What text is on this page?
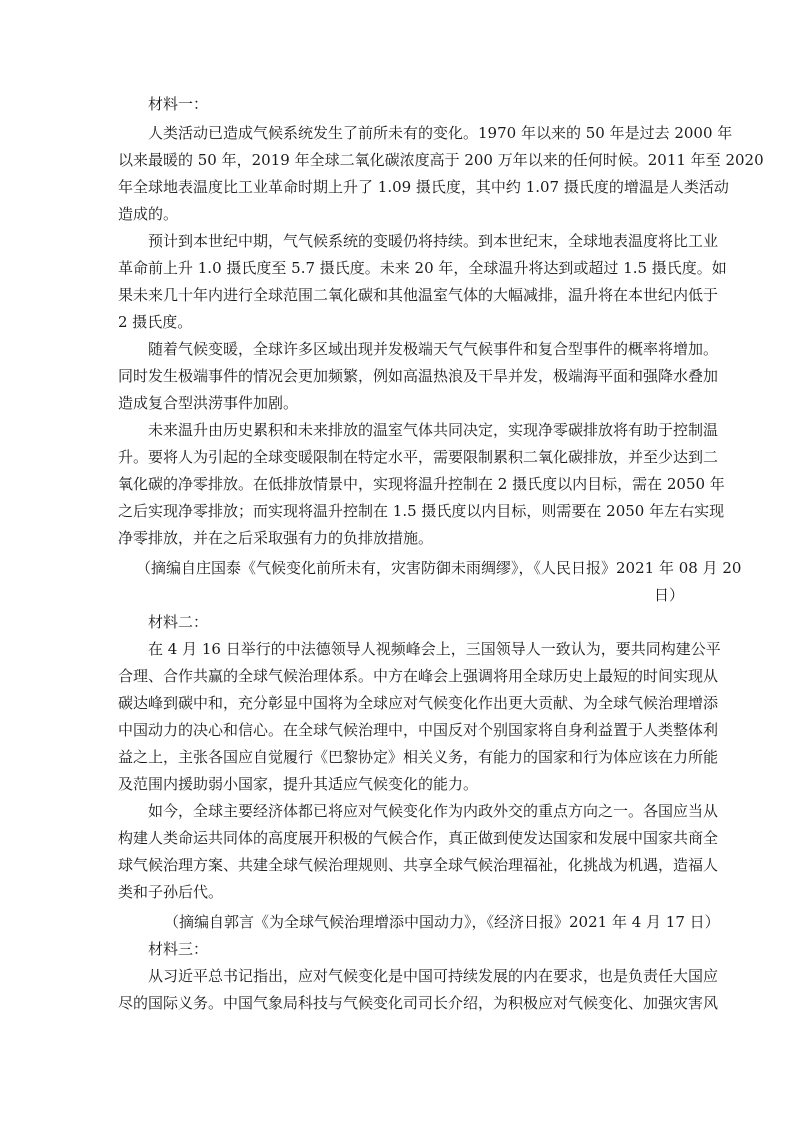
材料一：
人类活动已造成气候系统发生了前所未有的变化。1970 年以来的 50 年是过去 2000 年
以来最暖的 50 年，2019 年全球二氧化碳浓度高于 200 万年以来的任何时候。2011 年至 2020
年全球地表温度比工业革命时期上升了 1.09 摄氏度，其中约 1.07 摄氏度的增温是人类活动
造成的。
预计到本世纪中期，气气候系统的变暖仍将持续。到本世纪末，全球地表温度将比工业
革命前上升 1.0 摄氏度至 5.7 摄氏度。未来 20 年，全球温升将达到或超过 1.5 摄氏度。如
果未来几十年内进行全球范围二氧化碳和其他温室气体的大幅减排，温升将在本世纪内低于
2 摄氏度。
随着气候变暖，全球许多区域出现并发极端天气气候事件和复合型事件的概率将增加。
同时发生极端事件的情况会更加频繁，例如高温热浪及干旱并发，极端海平面和强降水叠加
造成复合型洪涝事件加剧。
未来温升由历史累积和未来排放的温室气体共同决定，实现净零碳排放将有助于控制温
升。要将人为引起的全球变暖限制在特定水平，需要限制累积二氧化碳排放，并至少达到二
氧化碳的净零排放。在低排放情景中，实现将温升控制在 2 摄氏度以内目标，需在 2050 年
之后实现净零排放；而实现将温升控制在 1.5 摄氏度以内目标，则需要在 2050 年左右实现
净零排放，并在之后采取强有力的负排放措施。
（摘编自庄国泰《气候变化前所未有，灾害防御未雨绸缪》，《人民日报》2021 年 08 月 20
日）
材料二：
在 4 月 16 日举行的中法德领导人视频峰会上，三国领导人一致认为，要共同构建公平
合理、合作共赢的全球气候治理体系。中方在峰会上强调将用全球历史上最短的时间实现从
碳达峰到碳中和，充分彰显中国将为全球应对气候变化作出更大贡献、为全球气候治理增添
中国动力的决心和信心。在全球气候治理中，中国反对个别国家将自身利益置于人类整体利
益之上，主张各国应自觉履行《巴黎协定》相关义务，有能力的国家和行为体应该在力所能
及范围内援助弱小国家，提升其适应气候变化的能力。
如今，全球主要经济体都已将应对气候变化作为内政外交的重点方向之一。各国应当从
构建人类命运共同体的高度展开积极的气候合作，真正做到使发达国家和发展中国家共商全
球气候治理方案、共建全球气候治理规则、共享全球气候治理福祉，化挑战为机遇，造福人
类和子孙后代。
（摘编自郭言《为全球气候治理增添中国动力》，《经济日报》2021 年 4 月 17 日）
材料三：
从习近平总书记指出，应对气候变化是中国可持续发展的内在要求，也是负责任大国应
尽的国际义务。中国气象局科技与气候变化司司长介绍，为积极应对气候变化、加强灾害风
